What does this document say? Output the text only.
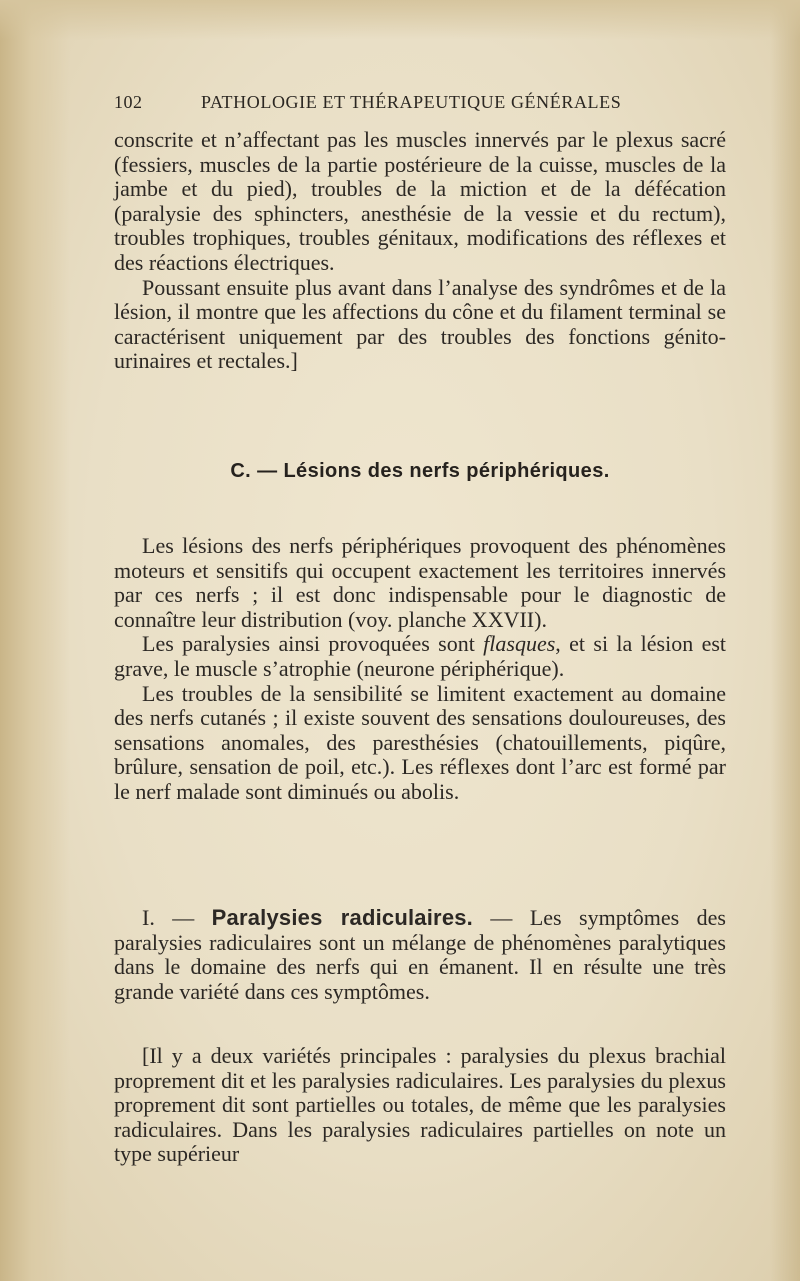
102	PATHOLOGIE ET THÉRAPEUTIQUE GÉNÉRALES

conscrite et n’affectant pas les muscles innervés par le plexus sacré (fessiers, muscles de la partie postérieure de la cuisse, muscles de la jambe et du pied), troubles de la miction et de la défécation (paralysie des sphincters, anesthésie de la vessie et du rectum), troubles trophiques, troubles génitaux, modifications des réflexes et des réactions électriques.

Poussant ensuite plus avant dans l’analyse des syndrômes et de la lésion, il montre que les affections du cône et du filament terminal se caractérisent uniquement par des troubles des fonctions génito-urinaires et rectales.]

C. — Lésions des nerfs périphériques.

Les lésions des nerfs périphériques provoquent des phénomènes moteurs et sensitifs qui occupent exactement les territoires innervés par ces nerfs ; il est donc indispensable pour le diagnostic de connaître leur distribution (voy. planche XXVII).

Les paralysies ainsi provoquées sont flasques, et si la lésion est grave, le muscle s’atrophie (neurone périphérique).

Les troubles de la sensibilité se limitent exactement au domaine des nerfs cutanés ; il existe souvent des sensations douloureuses, des sensations anomales, des paresthésies (chatouillements, piqûre, brûlure, sensation de poil, etc.). Les réflexes dont l’arc est formé par le nerf malade sont diminués ou abolis.

I. — Paralysies radiculaires. — Les symptômes des paralysies radiculaires sont un mélange de phénomènes paralytiques dans le domaine des nerfs qui en émanent. Il en résulte une très grande variété dans ces symptômes.

[Il y a deux variétés principales : paralysies du plexus brachial proprement dit et les paralysies radiculaires. Les paralysies du plexus proprement dit sont partielles ou totales, de même que les paralysies radiculaires. Dans les paralysies radiculaires partielles on note un type supérieur
